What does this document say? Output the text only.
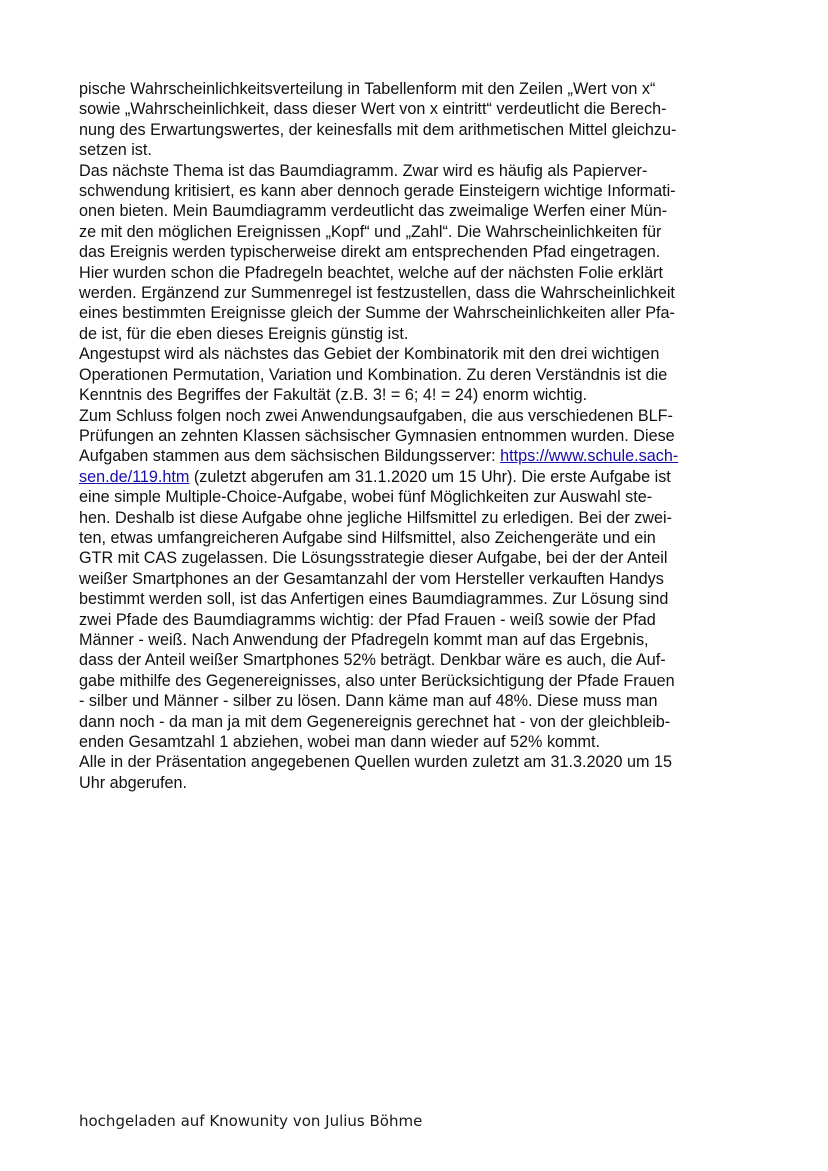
pische Wahrscheinlichkeitsverteilung in Tabellenform mit den Zeilen „Wert von x“
sowie „Wahrscheinlichkeit, dass dieser Wert von x eintritt“ verdeutlicht die Berech-
nung des Erwartungswertes, der keinesfalls mit dem arithmetischen Mittel gleichzu-
setzen ist.
Das nächste Thema ist das Baumdiagramm. Zwar wird es häufig als Papierver-
schwendung kritisiert, es kann aber dennoch gerade Einsteigern wichtige Informati-
onen bieten. Mein Baumdiagramm verdeutlicht das zweimalige Werfen einer Mün-
ze mit den möglichen Ereignissen „Kopf“ und „Zahl“. Die Wahrscheinlichkeiten für
das Ereignis werden typischerweise direkt am entsprechenden Pfad eingetragen.
Hier wurden schon die Pfadregeln beachtet, welche auf der nächsten Folie erklärt
werden. Ergänzend zur Summenregel ist festzustellen, dass die Wahrscheinlichkeit
eines bestimmten Ereignisse gleich der Summe der Wahrscheinlichkeiten aller Pfa-
de ist, für die eben dieses Ereignis günstig ist.
Angestupst wird als nächstes das Gebiet der Kombinatorik mit den drei wichtigen
Operationen Permutation, Variation und Kombination. Zu deren Verständnis ist die
Kenntnis des Begriffes der Fakultät (z.B. 3! = 6; 4! = 24) enorm wichtig.
Zum Schluss folgen noch zwei Anwendungsaufgaben, die aus verschiedenen BLF-
Prüfungen an zehnten Klassen sächsischer Gymnasien entnommen wurden. Diese
Aufgaben stammen aus dem sächsischen Bildungsserver: https://www.schule.sach-
sen.de/119.htm (zuletzt abgerufen am 31.1.2020 um 15 Uhr). Die erste Aufgabe ist
eine simple Multiple-Choice-Aufgabe, wobei fünf Möglichkeiten zur Auswahl ste-
hen. Deshalb ist diese Aufgabe ohne jegliche Hilfsmittel zu erledigen. Bei der zwei-
ten, etwas umfangreicheren Aufgabe sind Hilfsmittel, also Zeichengeräte und ein
GTR mit CAS zugelassen. Die Lösungsstrategie dieser Aufgabe, bei der der Anteil
weißer Smartphones an der Gesamtanzahl der vom Hersteller verkauften Handys
bestimmt werden soll, ist das Anfertigen eines Baumdiagrammes. Zur Lösung sind
zwei Pfade des Baumdiagramms wichtig: der Pfad Frauen - weiß sowie der Pfad
Männer - weiß. Nach Anwendung der Pfadregeln kommt man auf das Ergebnis,
dass der Anteil weißer Smartphones 52% beträgt. Denkbar wäre es auch, die Auf-
gabe mithilfe des Gegenereignisses, also unter Berücksichtigung der Pfade Frauen
- silber und Männer - silber zu lösen. Dann käme man auf 48%. Diese muss man
dann noch - da man ja mit dem Gegenereignis gerechnet hat - von der gleichbleib-
enden Gesamtzahl 1 abziehen, wobei man dann wieder auf 52% kommt.
Alle in der Präsentation angegebenen Quellen wurden zuletzt am 31.3.2020 um 15
Uhr abgerufen.
hochgeladen auf Knowunity von Julius Böhme
